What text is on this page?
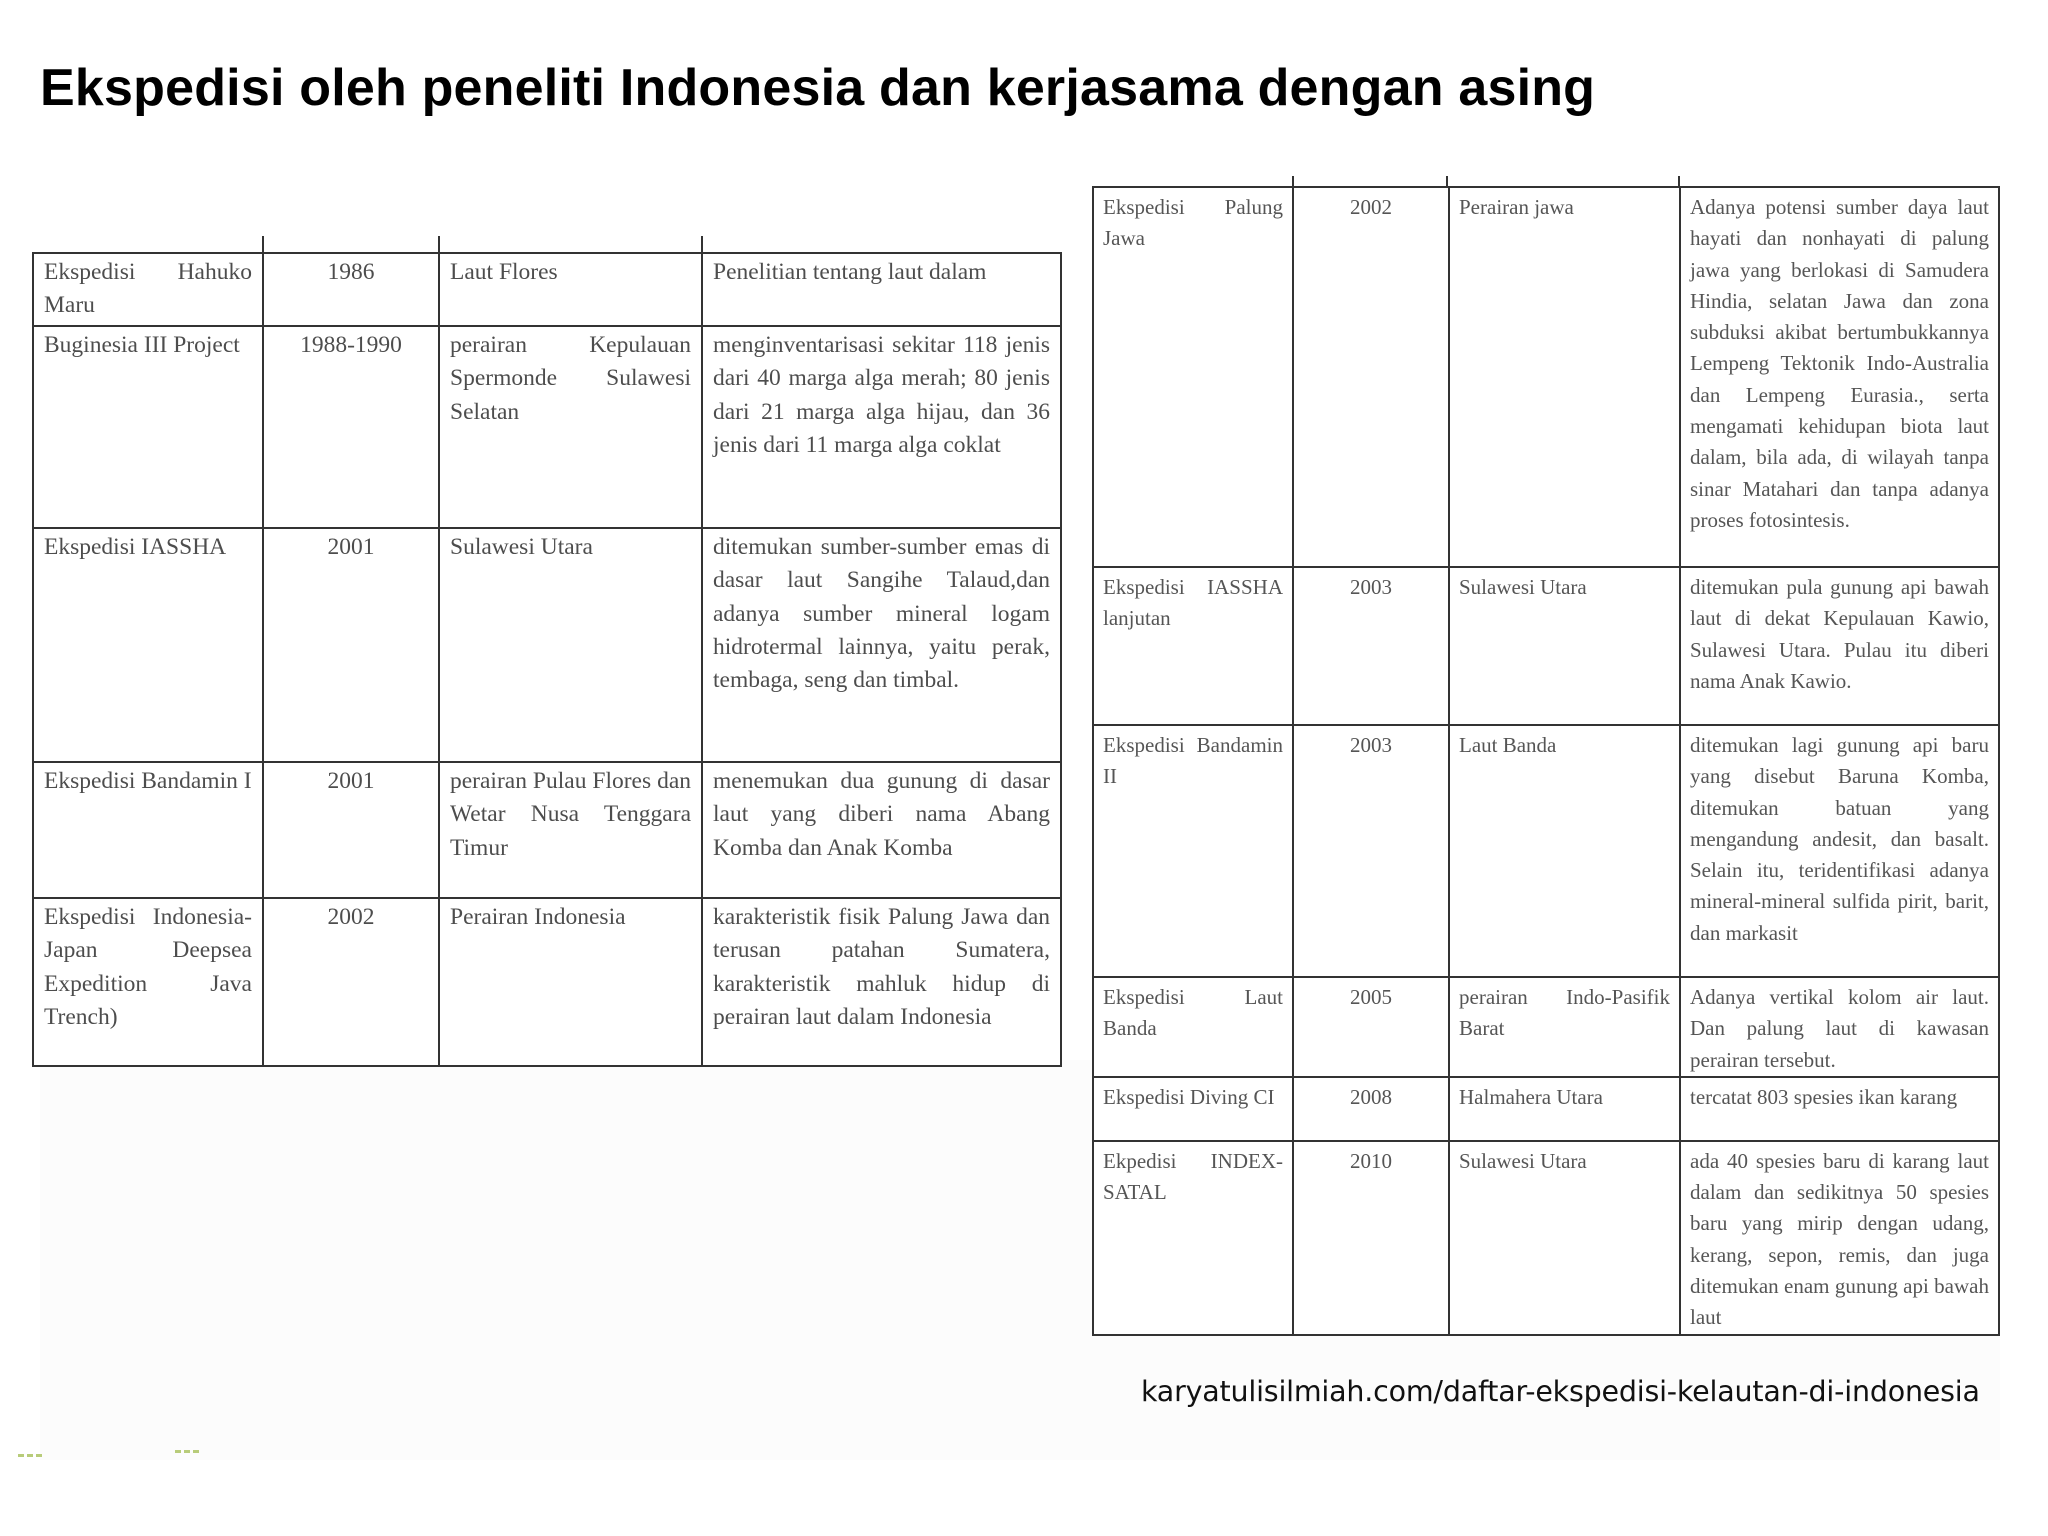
Ekspedisi oleh peneliti Indonesia dan kerjasama dengan asing
Ekspedisi Hahuko Maru	1986	Laut Flores	Penelitian tentang laut dalam
Buginesia III Project	1988-1990	perairan Kepulauan Spermonde Sulawesi Selatan	menginventarisasi sekitar 118 jenis dari 40 marga alga merah; 80 jenis dari 21 marga alga hijau, dan 36 jenis dari 11 marga alga coklat
Ekspedisi IASSHA	2001	Sulawesi Utara	ditemukan sumber-sumber emas di dasar laut Sangihe Talaud,dan adanya sumber mineral logam hidrotermal lainnya, yaitu perak, tembaga, seng dan timbal.
Ekspedisi Bandamin I	2001	perairan Pulau Flores dan Wetar Nusa Tenggara Timur	menemukan dua gunung di dasar laut yang diberi nama Abang Komba dan Anak Komba
Ekspedisi Indonesia-Japan Deepsea Expedition Java Trench)	2002	Perairan Indonesia	karakteristik fisik Palung Jawa dan terusan patahan Sumatera, karakteristik mahluk hidup di perairan laut dalam Indonesia
Ekspedisi Palung Jawa	2002	Perairan jawa	Adanya potensi sumber daya laut hayati dan nonhayati di palung jawa yang berlokasi di Samudera Hindia, selatan Jawa dan zona subduksi akibat bertumbukkannya Lempeng Tektonik Indo-Australia dan Lempeng Eurasia., serta mengamati kehidupan biota laut dalam, bila ada, di wilayah tanpa sinar Matahari dan tanpa adanya proses fotosintesis.
Ekspedisi IASSHA lanjutan	2003	Sulawesi Utara	ditemukan pula gunung api bawah laut di dekat Kepulauan Kawio, Sulawesi Utara. Pulau itu diberi nama Anak Kawio.
Ekspedisi Bandamin II	2003	Laut Banda	ditemukan lagi gunung api baru yang disebut Baruna Komba, ditemukan batuan yang mengandung andesit, dan basalt. Selain itu, teridentifikasi adanya mineral-mineral sulfida pirit, barit, dan markasit
Ekspedisi Laut Banda	2005	perairan Indo-Pasifik Barat	Adanya vertikal kolom air laut. Dan palung laut di kawasan perairan tersebut.
Ekspedisi Diving CI	2008	Halmahera Utara	tercatat 803 spesies ikan karang
Ekpedisi INDEX-SATAL	2010	Sulawesi Utara	ada 40 spesies baru di karang laut dalam dan sedikitnya 50 spesies baru yang mirip dengan udang, kerang, sepon, remis, dan juga ditemukan enam gunung api bawah laut
karyatulisilmiah.com/daftar-ekspedisi-kelautan-di-indonesia
